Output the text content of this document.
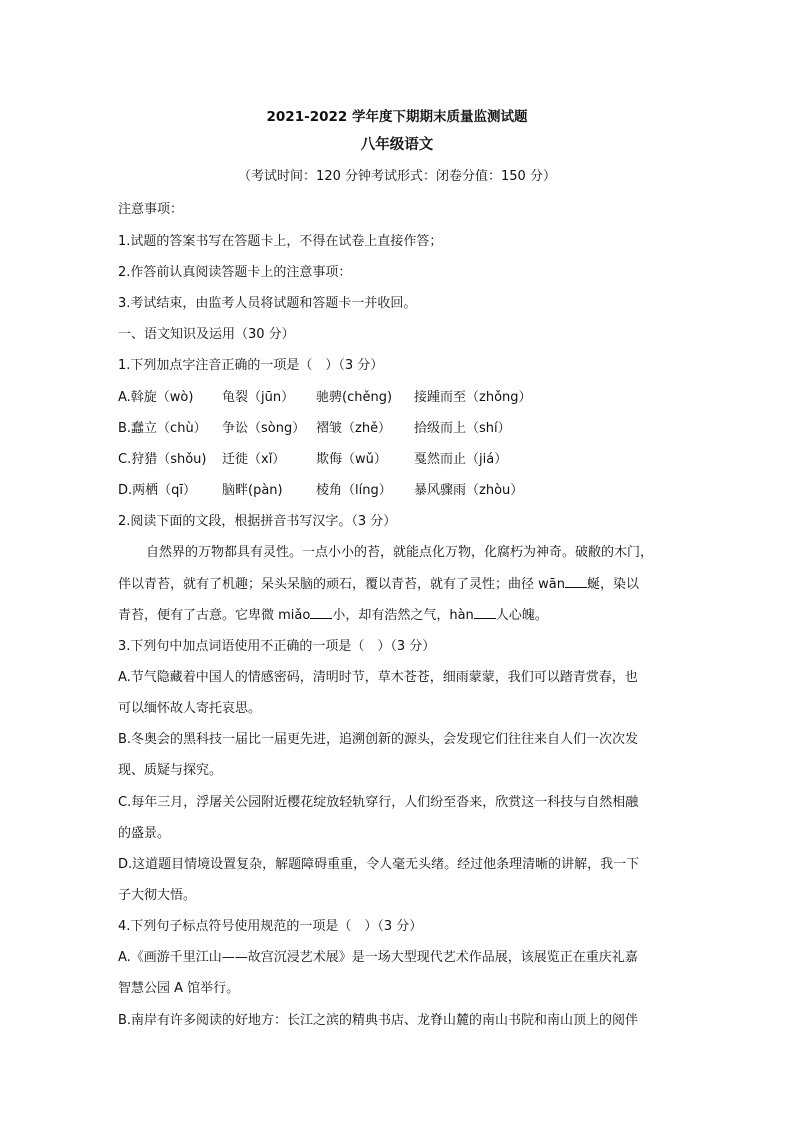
2021-2022 学年度下期期末质量监测试题
八年级语文
（考试时间：120 分钟考试形式：闭卷分值：150 分）
注意事项：
1.试题的答案书写在答题卡上，不得在试卷上直接作答；
2.作答前认真阅读答题卡上的注意事项：
3.考试结束，由监考人员将试题和答题卡一并收回。
一、语文知识及运用（30 分）
1.下列加点字注音正确的一项是（　）（3 分）
A.斡旋（wò)	龟裂（jūn）	驰骋(chěng)	接踵而至（zhǒng）
B.蠢立（chù）	争讼（sòng） 褶皱（zhě）	拾级而上（shí）
C.狩猎（shǒu)	迁徙（xǐ）	欺侮（wǔ）	戛然而止（jiá）
D.两栖（qī）	脑畔(pàn)	棱角（líng）	暴风骤雨（zhòu）
2.阅读下面的文段，根据拼音书写汉字。（3 分）
自然界的万物都具有灵性。一点小小的苔，就能点化万物，化腐朽为神奇。破敝的木门，
伴以青苔，就有了机趣；呆头呆脑的顽石，覆以青苔，就有了灵性；曲径 wān 蜒，染以
青苔，便有了古意。它卑微 miǎo 小，却有浩然之气，hàn 人心魄。
3.下列句中加点词语使用不正确的一项是（　）（3 分）
A.节气隐藏着中国人的情感密码，清明时节，草木苍苍，细雨蒙蒙，我们可以踏青赏春，也
可以缅怀故人寄托哀思。
B.冬奥会的黑科技一届比一届更先进，追溯创新的源头，会发现它们往往来自人们一次次发
现、质疑与探究。
C.每年三月，浮屠关公园附近樱花绽放轻轨穿行，人们纷至沓来，欣赏这一科技与自然相融
的盛景。
D.这道题目情境设置复杂，解题障碍重重，令人毫无头绪。经过他条理清晰的讲解，我一下
子大彻大悟。
4.下列句子标点符号使用规范的一项是（　）（3 分）
A.《画游千里江山——故宫沉浸艺术展》是一场大型现代艺术作品展，该展览正在重庆礼嘉
智慧公园 A 馆举行。
B.南岸有许多阅读的好地方：长江之滨的精典书店、龙脊山麓的南山书院和南山顶上的阅伴
